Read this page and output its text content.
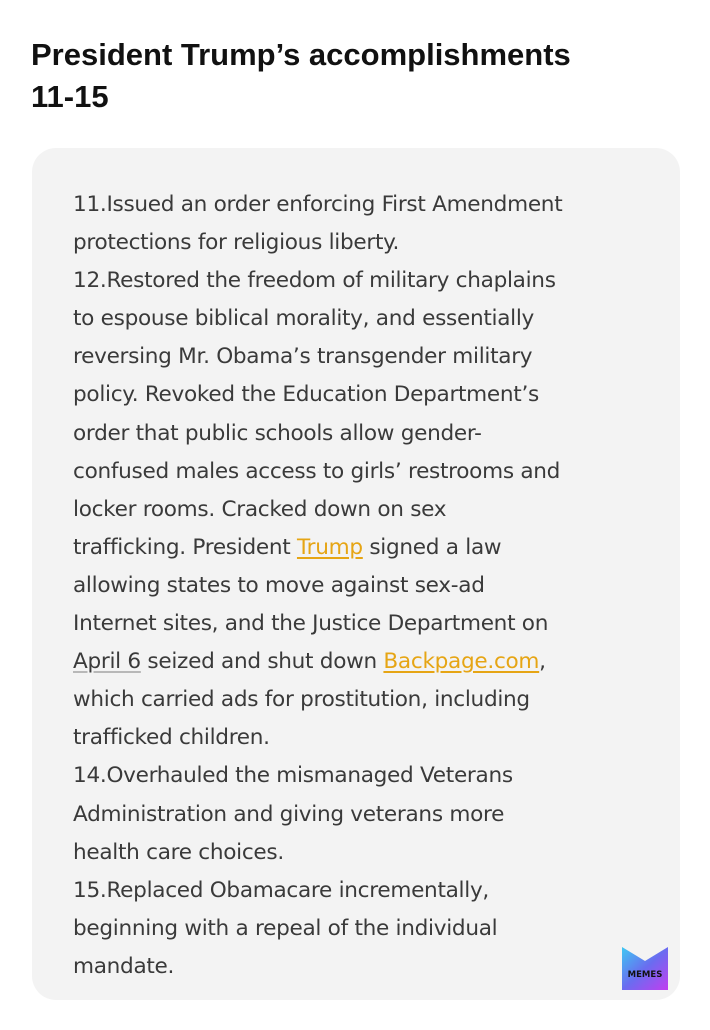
President Trump’s accomplishments
11-15
11.Issued an order enforcing First Amendment
protections for religious liberty.
12.Restored the freedom of military chaplains
to espouse biblical morality, and essentially
reversing Mr. Obama’s transgender military
policy. Revoked the Education Department’s
order that public schools allow gender-
confused males access to girls’ restrooms and
locker rooms. Cracked down on sex
trafficking. President Trump signed a law
allowing states to move against sex-ad
Internet sites, and the Justice Department on
April 6 seized and shut down Backpage.com,
which carried ads for prostitution, including
trafficked children.
14.Overhauled the mismanaged Veterans
Administration and giving veterans more
health care choices.
15.Replaced Obamacare incrementally,
beginning with a repeal of the individual
mandate.	MEMES
